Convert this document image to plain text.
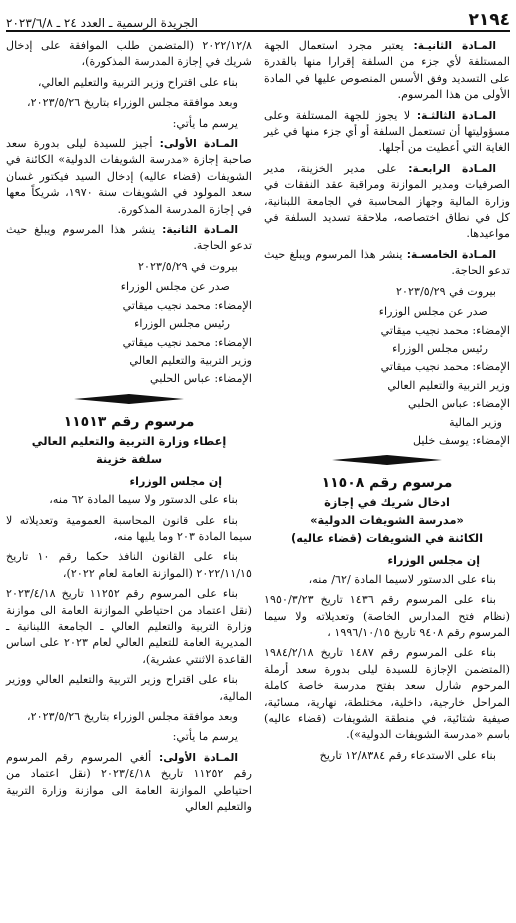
٢١٩٤
الجريدة الرسمية ـ العدد ٢٤ ـ ٢٠٢٣/٦/٨

المـادة الثانيـة: يعتبر مجرد استعمال الجهة المستلفة لأي جزء من السلفة إقرارا منها بالقدرة على التسديد وفق الأسس المنصوص عليها في المادة الأولى من هذا المرسوم.

المـادة الثالثـة: لا يجوز للجهة المستلفة وعلى مسؤوليتها أن تستعمل السلفة أو أي جزء منها في غير الغاية التي أعطيت من أجلها.

المـادة الرابعـة: على مدير الخزينة، مدير الصرفيات ومدير الموازنة ومراقبة عقد النفقات في وزارة المالية وجهاز المحاسبة في الجامعة اللبنانية، كل في نطاق اختصاصه، ملاحقة تسديد السلفة في مواعيدها.

المـادة الخامسـة: ينشر هذا المرسوم ويبلغ حيث تدعو الحاجة.

بيروت في ٢٠٢٣/٥/٢٩

صدر عن مجلس الوزراء

الإمضاء: محمد نجيب ميقاتي

رئيس مجلس الوزراء

الإمضاء: محمد نجيب ميقاتي

وزير التربية والتعليم العالي

الإمضاء: عباس الحلبي

وزير المالية

الإمضاء: يوسف خليل

مرسوم رقم ١١٥٠٨

ادخال شريك في إجازة

«مدرسة الشويفات الدولية»

الكائنة في الشويفات (قضاء عاليه)

إن مجلس الوزراء

بناء على الدستور لاسيما المادة /٦٢/ منه،

بناء على المرسوم رقم ١٤٣٦ تاريخ ١٩٥٠/٣/٢٣ (نظام فتح المدارس الخاصة) وتعديلاته ولا سيما المرسوم رقم ٩٤٠٨ تاريخ ١٩٩٦/١٠/١٥ ،

بناء على المرسوم رقم ١٤٨٧ تاريخ ١٩٨٤/٢/١٨ (المتضمن الإجازة للسيدة ليلى بدورة سعد أرملة المرحوم شارل سعد بفتح مدرسة خاصة كاملة المراحل خارجية، داخلية، مختلطة، نهارية، مسائية، صيفية شتائية، في منطقة الشويفات (قضاء عاليه) باسم «مدرسة الشويفات الدولية»).

بناء على الاستدعاء رقم ١٢/٨٣٨٤ تاريخ

٢٠٢٢/١٢/٨ (المتضمن طلب الموافقة على إدخال شريك في إجازة المدرسة المذكورة)،

بناء على اقتراح وزير التربية والتعليم العالي،

وبعد موافقة مجلس الوزراء بتاريخ ٢٠٢٣/٥/٢٦،

يرسم ما يأتي:

المـادة الأولى: أجيز للسيدة ليلى بدورة سعد صاحبة إجازة «مدرسة الشويفات الدولية» الكائنة في الشويفات (قضاء عاليه) إدخال السيد فيكتور غسان سعد المولود في الشويفات سنة ١٩٧٠، شريكاً معها في إجازة المدرسة المذكورة.

المـادة الثانية: ينشر هذا المرسوم ويبلغ حيث تدعو الحاجة.

بيروت في ٢٠٢٣/٥/٢٩

صدر عن مجلس الوزراء

الإمضاء: محمد نجيب ميقاتي

رئيس مجلس الوزراء

الإمضاء: محمد نجيب ميقاتي

وزير التربية والتعليم العالي

الإمضاء: عباس الحلبي

مرسوم رقم ١١٥١٣

إعطاء وزارة التربية والتعليم العالي

سلفة خزينة

إن مجلس الوزراء

بناء على الدستور ولا سيما المادة ٦٢ منه،

بناء على قانون المحاسبة العمومية وتعديلاته لا سيما المادة ٢٠٣ وما يليها منه،

بناء على القانون النافذ حكما رقم ١٠ تاريخ ٢٠٢٢/١١/١٥ (الموازنة العامة لعام ٢٠٢٢)،

بناء على المرسوم رقم ١١٢٥٢ تاريخ ٢٠٢٣/٤/١٨ (نقل اعتماد من احتياطي الموازنة العامة الى موازنة وزارة التربية والتعليم العالي ـ الجامعة اللبنانية ـ المديرية العامة للتعليم العالي لعام ٢٠٢٣ على اساس القاعدة الاثنتي عشرية)،

بناء على اقتراح وزير التربية والتعليم العالي ووزير المالية،

وبعد موافقة مجلس الوزراء بتاريخ ٢٠٢٣/٥/٢٦،

يرسم ما يأتي:

المـادة الأولى: ألغي المرسوم رقم المرسوم رقم ١١٢٥٢ تاريخ ٢٠٢٣/٤/١٨ (نقل اعتماد من احتياطي الموازنة العامة الى موازنة وزارة التربية والتعليم العالي
